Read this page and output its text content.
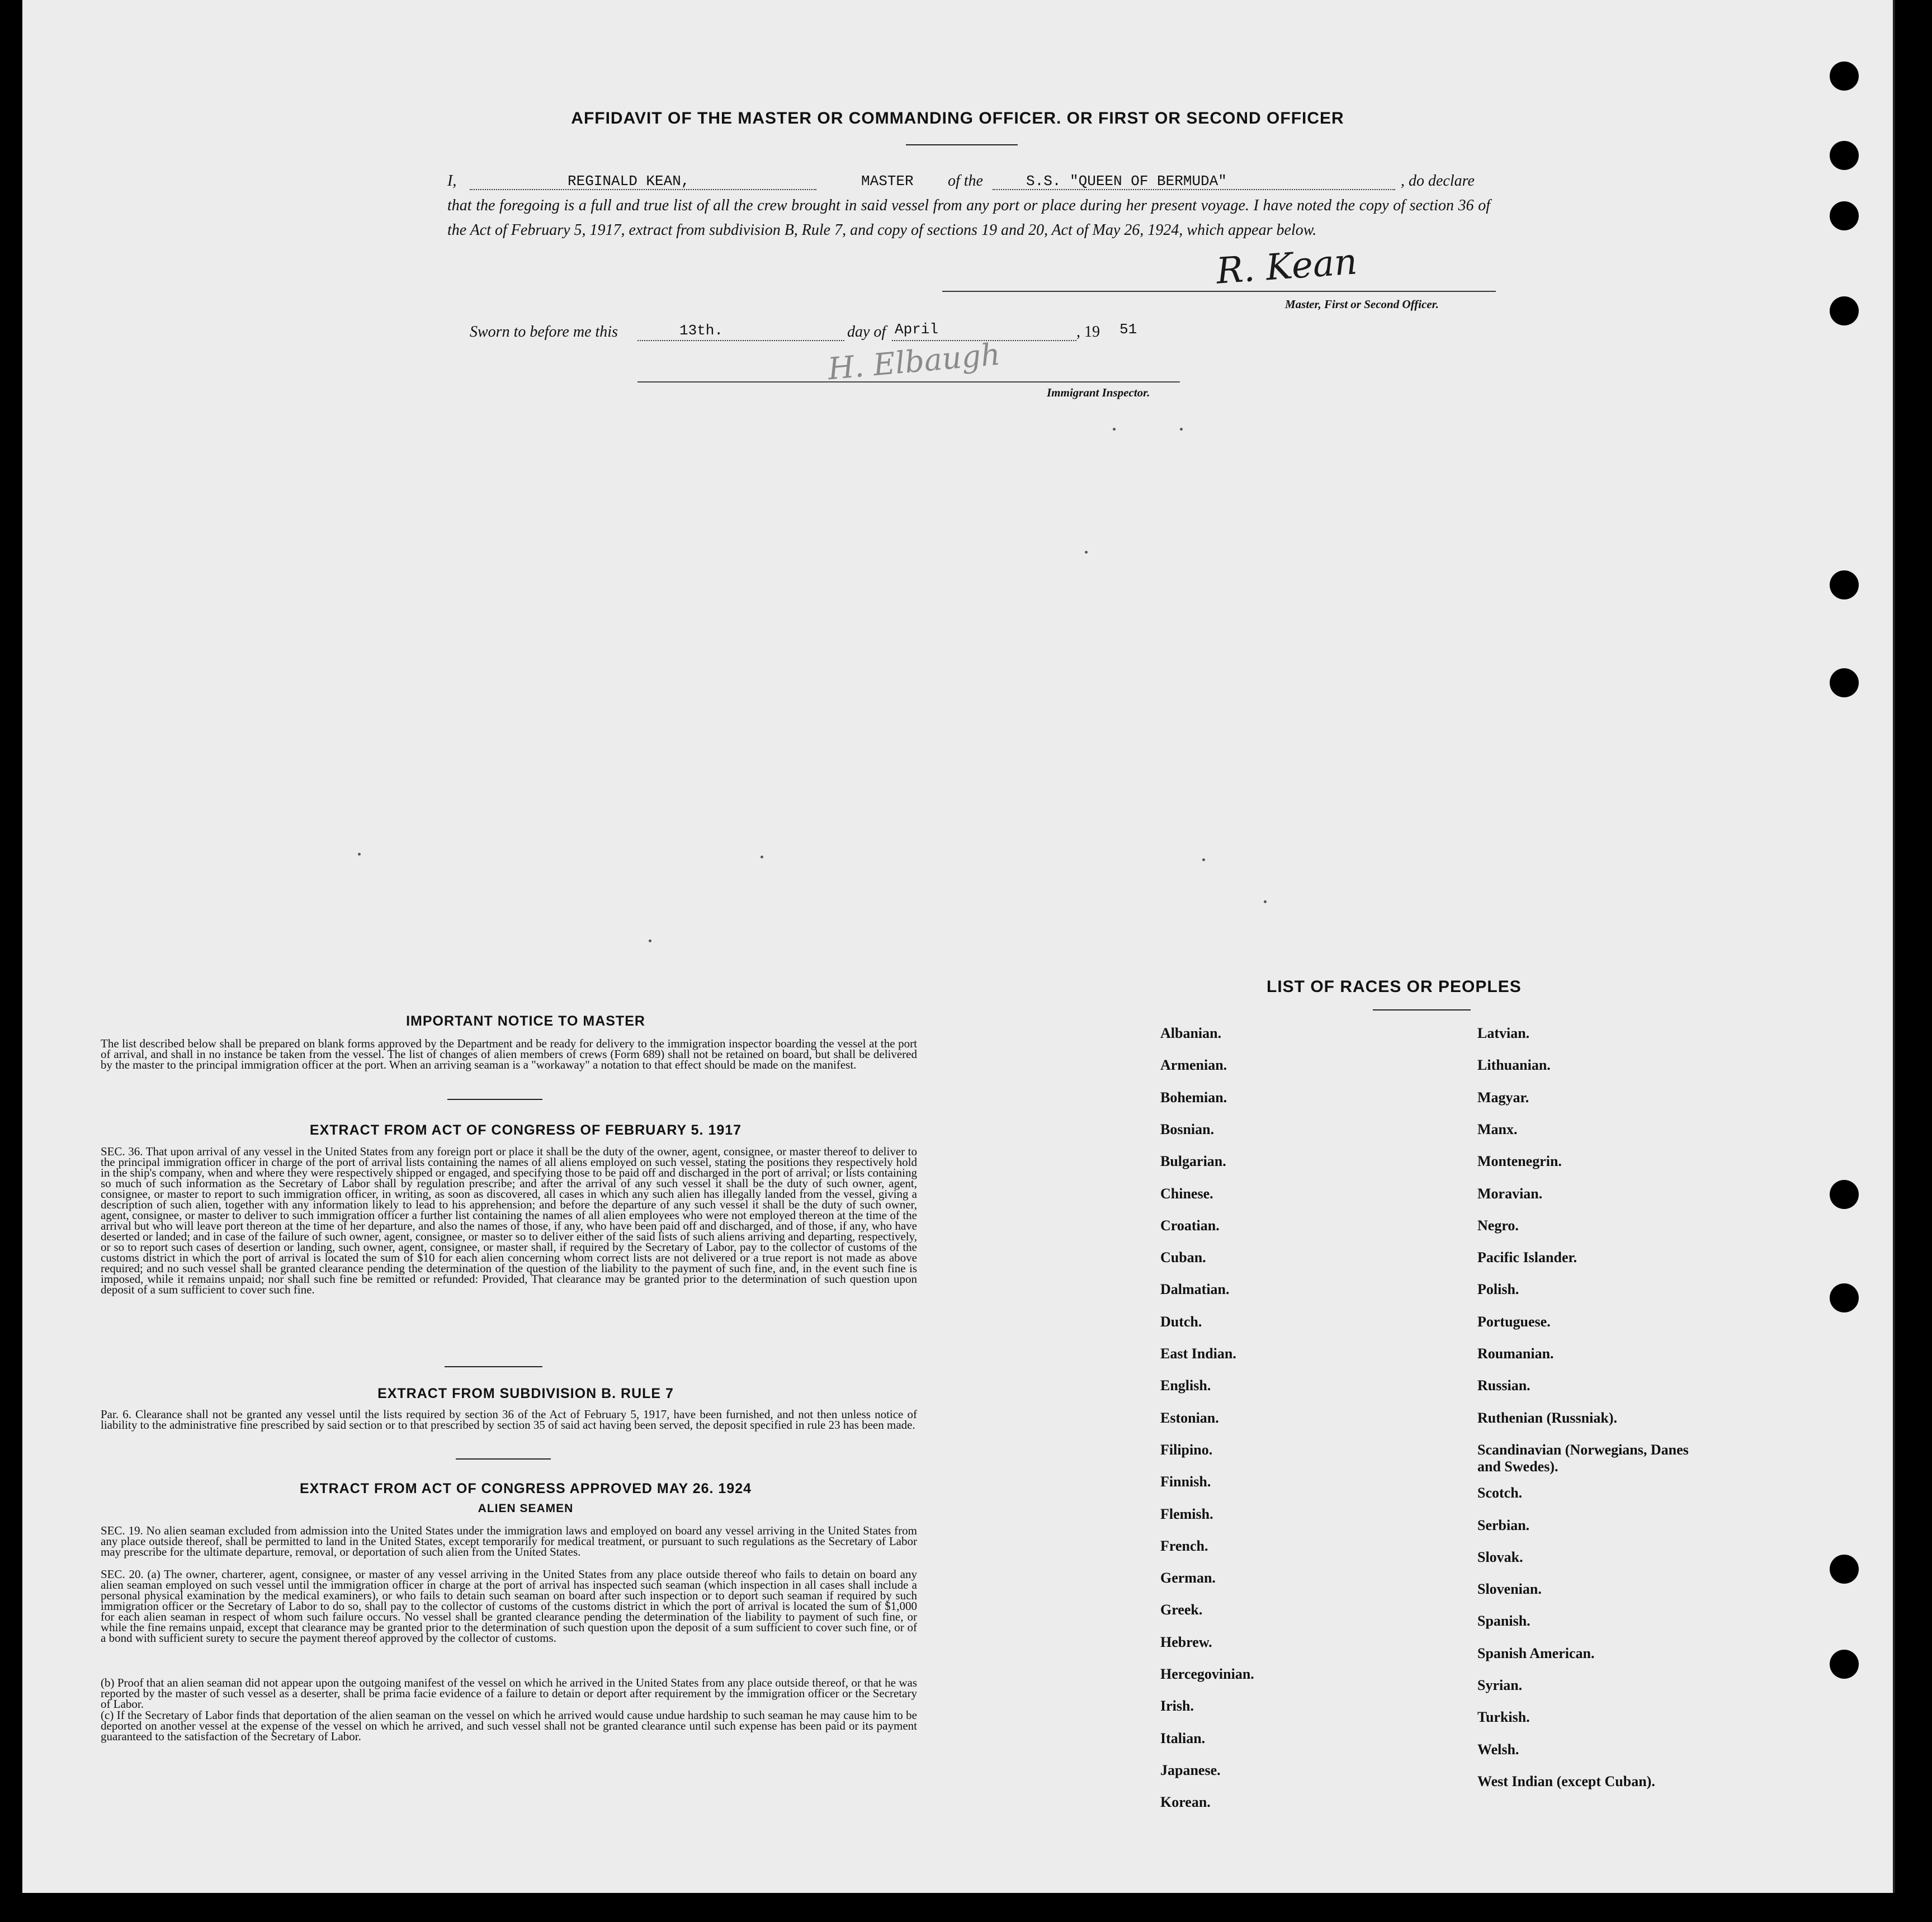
AFFIDAVIT OF THE MASTER OR COMMANDING OFFICER. OR FIRST OR SECOND OFFICER
I,	REGINALD KEAN,	MASTER of the	S.S. "QUEEN OF BERMUDA"	, do declare
that the foregoing is a full and true list of all the crew brought in said vessel from any port or place during her present voyage. I have noted the copy of section 36 of the Act of February 5, 1917, extract from subdivision B, Rule 7, and copy of sections 19 and 20, Act of May 26, 1924, which appear below.
R. Kean
Master, First or Second Officer.
Sworn to before me this	13th.	day of April	, 19 51
H. Elbaugh
Immigrant Inspector.
IMPORTANT NOTICE TO MASTER
The list described below shall be prepared on blank forms approved by the Department and be ready for delivery to the immigration inspector boarding the vessel at the port of arrival, and shall in no instance be taken from the vessel. The list of changes of alien members of crews (Form 689) shall not be retained on board, but shall be delivered by the master to the principal immigration officer at the port. When an arriving seaman is a "workaway" a notation to that effect should be made on the manifest.
EXTRACT FROM ACT OF CONGRESS OF FEBRUARY 5. 1917
SEC. 36. That upon arrival of any vessel in the United States from any foreign port or place it shall be the duty of the owner, agent, consignee, or master thereof to deliver to the principal immigration officer in charge of the port of arrival lists containing the names of all aliens employed on such vessel, stating the positions they respectively hold in the ship's company, when and where they were respectively shipped or engaged, and specifying those to be paid off and discharged in the port of arrival; or lists containing so much of such information as the Secretary of Labor shall by regulation prescribe; and after the arrival of any such vessel it shall be the duty of such owner, agent, consignee, or master to report to such immigration officer, in writing, as soon as discovered, all cases in which any such alien has illegally landed from the vessel, giving a description of such alien, together with any information likely to lead to his apprehension; and before the departure of any such vessel it shall be the duty of such owner, agent, consignee, or master to deliver to such immigration officer a further list containing the names of all alien employees who were not employed thereon at the time of the arrival but who will leave port thereon at the time of her departure, and also the names of those, if any, who have been paid off and discharged, and of those, if any, who have deserted or landed; and in case of the failure of such owner, agent, consignee, or master so to deliver either of the said lists of such aliens arriving and departing, respectively, or so to report such cases of desertion or landing, such owner, agent, consignee, or master shall, if required by the Secretary of Labor, pay to the collector of customs of the customs district in which the port of arrival is located the sum of $10 for each alien concerning whom correct lists are not delivered or a true report is not made as above required; and no such vessel shall be granted clearance pending the determination of the question of the liability to the payment of such fine, and, in the event such fine is imposed, while it remains unpaid; nor shall such fine be remitted or refunded: Provided, That clearance may be granted prior to the determination of such question upon deposit of a sum sufficient to cover such fine.
EXTRACT FROM SUBDIVISION B. RULE 7
Par. 6. Clearance shall not be granted any vessel until the lists required by section 36 of the Act of February 5, 1917, have been furnished, and not then unless notice of liability to the administrative fine prescribed by said section or to that prescribed by section 35 of said act having been served, the deposit specified in rule 23 has been made.
EXTRACT FROM ACT OF CONGRESS APPROVED MAY 26. 1924
ALIEN SEAMEN
SEC. 19. No alien seaman excluded from admission into the United States under the immigration laws and employed on board any vessel arriving in the United States from any place outside thereof, shall be permitted to land in the United States, except temporarily for medical treatment, or pursuant to such regulations as the Secretary of Labor may prescribe for the ultimate departure, removal, or deportation of such alien from the United States.
SEC. 20. (a) The owner, charterer, agent, consignee, or master of any vessel arriving in the United States from any place outside thereof who fails to detain on board any alien seaman employed on such vessel until the immigration officer in charge at the port of arrival has inspected such seaman (which inspection in all cases shall include a personal physical examination by the medical examiners), or who fails to detain such seaman on board after such inspection or to deport such seaman if required by such immigration officer or the Secretary of Labor to do so, shall pay to the collector of customs of the customs district in which the port of arrival is located the sum of $1,000 for each alien seaman in respect of whom such failure occurs. No vessel shall be granted clearance pending the determination of the liability to payment of such fine, or while the fine remains unpaid, except that clearance may be granted prior to the determination of such question upon the deposit of a sum sufficient to cover such fine, or of a bond with sufficient surety to secure the payment thereof approved by the collector of customs.
(b) Proof that an alien seaman did not appear upon the outgoing manifest of the vessel on which he arrived in the United States from any place outside thereof, or that he was reported by the master of such vessel as a deserter, shall be prima facie evidence of a failure to detain or deport after requirement by the immigration officer or the Secretary of Labor.
(c) If the Secretary of Labor finds that deportation of the alien seaman on the vessel on which he arrived would cause undue hardship to such seaman he may cause him to be deported on another vessel at the expense of the vessel on which he arrived, and such vessel shall not be granted clearance until such expense has been paid or its payment guaranteed to the satisfaction of the Secretary of Labor.
LIST OF RACES OR PEOPLES
Albanian.
Armenian.
Bohemian.
Bosnian.
Bulgarian.
Chinese.
Croatian.
Cuban.
Dalmatian.
Dutch.
East Indian.
English.
Estonian.
Filipino.
Finnish.
Flemish.
French.
German.
Greek.
Hebrew.
Hercegovinian.
Irish.
Italian.
Japanese.
Korean.
Latvian.
Lithuanian.
Magyar.
Manx.
Montenegrin.
Moravian.
Negro.
Pacific Islander.
Polish.
Portuguese.
Roumanian.
Russian.
Ruthenian (Russniak).
Scandinavian (Norwegians, Danes and Swedes).
Scotch.
Serbian.
Slovak.
Slovenian.
Spanish.
Spanish American.
Syrian.
Turkish.
Welsh.
West Indian (except Cuban).
